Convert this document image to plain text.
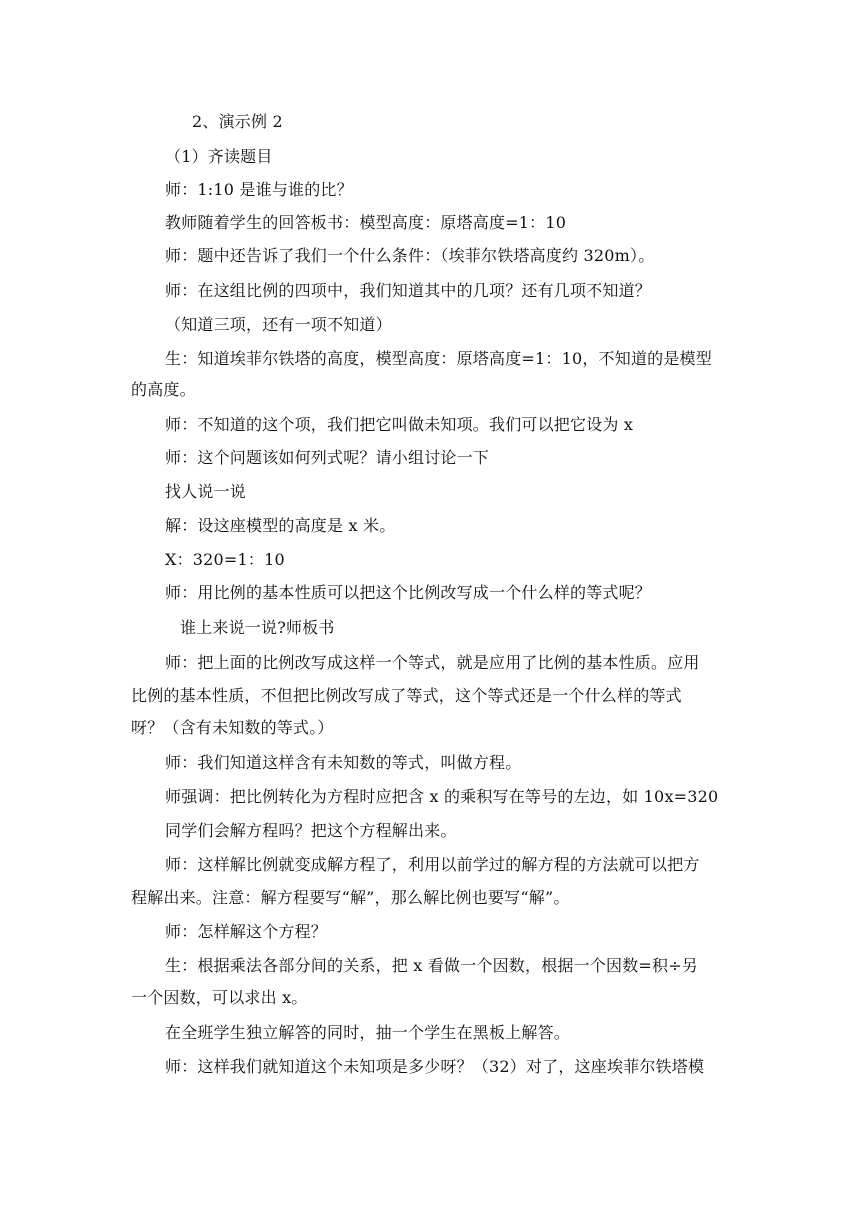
2、演示例 2
（1）齐读题目
师：1:10 是谁与谁的比？
教师随着学生的回答板书：模型高度：原塔高度=1：10
师：题中还告诉了我们一个什么条件：（埃菲尔铁塔高度约 320m）。
师：在这组比例的四项中，我们知道其中的几项？还有几项不知道？
（知道三项，还有一项不知道）
生：知道埃菲尔铁塔的高度，模型高度：原塔高度=1：10，不知道的是模型
的高度。
师：不知道的这个项，我们把它叫做未知项。我们可以把它设为 x
师：这个问题该如何列式呢？请小组讨论一下
找人说一说
解：设这座模型的高度是 x 米。
X：320=1：10
师：用比例的基本性质可以把这个比例改写成一个什么样的等式呢？
谁上来说一说?师板书
师：把上面的比例改写成这样一个等式，就是应用了比例的基本性质。应用
比例的基本性质，不但把比例改写成了等式，这个等式还是一个什么样的等式
呀？（含有未知数的等式。）
师：我们知道这样含有未知数的等式，叫做方程。
师强调：把比例转化为方程时应把含 x 的乘积写在等号的左边，如 10x=320
同学们会解方程吗？把这个方程解出来。
师：这样解比例就变成解方程了，利用以前学过的解方程的方法就可以把方
程解出来。注意：解方程要写“解”，那么解比例也要写“解”。
师：怎样解这个方程？
生：根据乘法各部分间的关系，把 x 看做一个因数，根据一个因数=积÷另
一个因数，可以求出 x。
在全班学生独立解答的同时，抽一个学生在黑板上解答。
师：这样我们就知道这个未知项是多少呀？（32）对了，这座埃菲尔铁塔模
